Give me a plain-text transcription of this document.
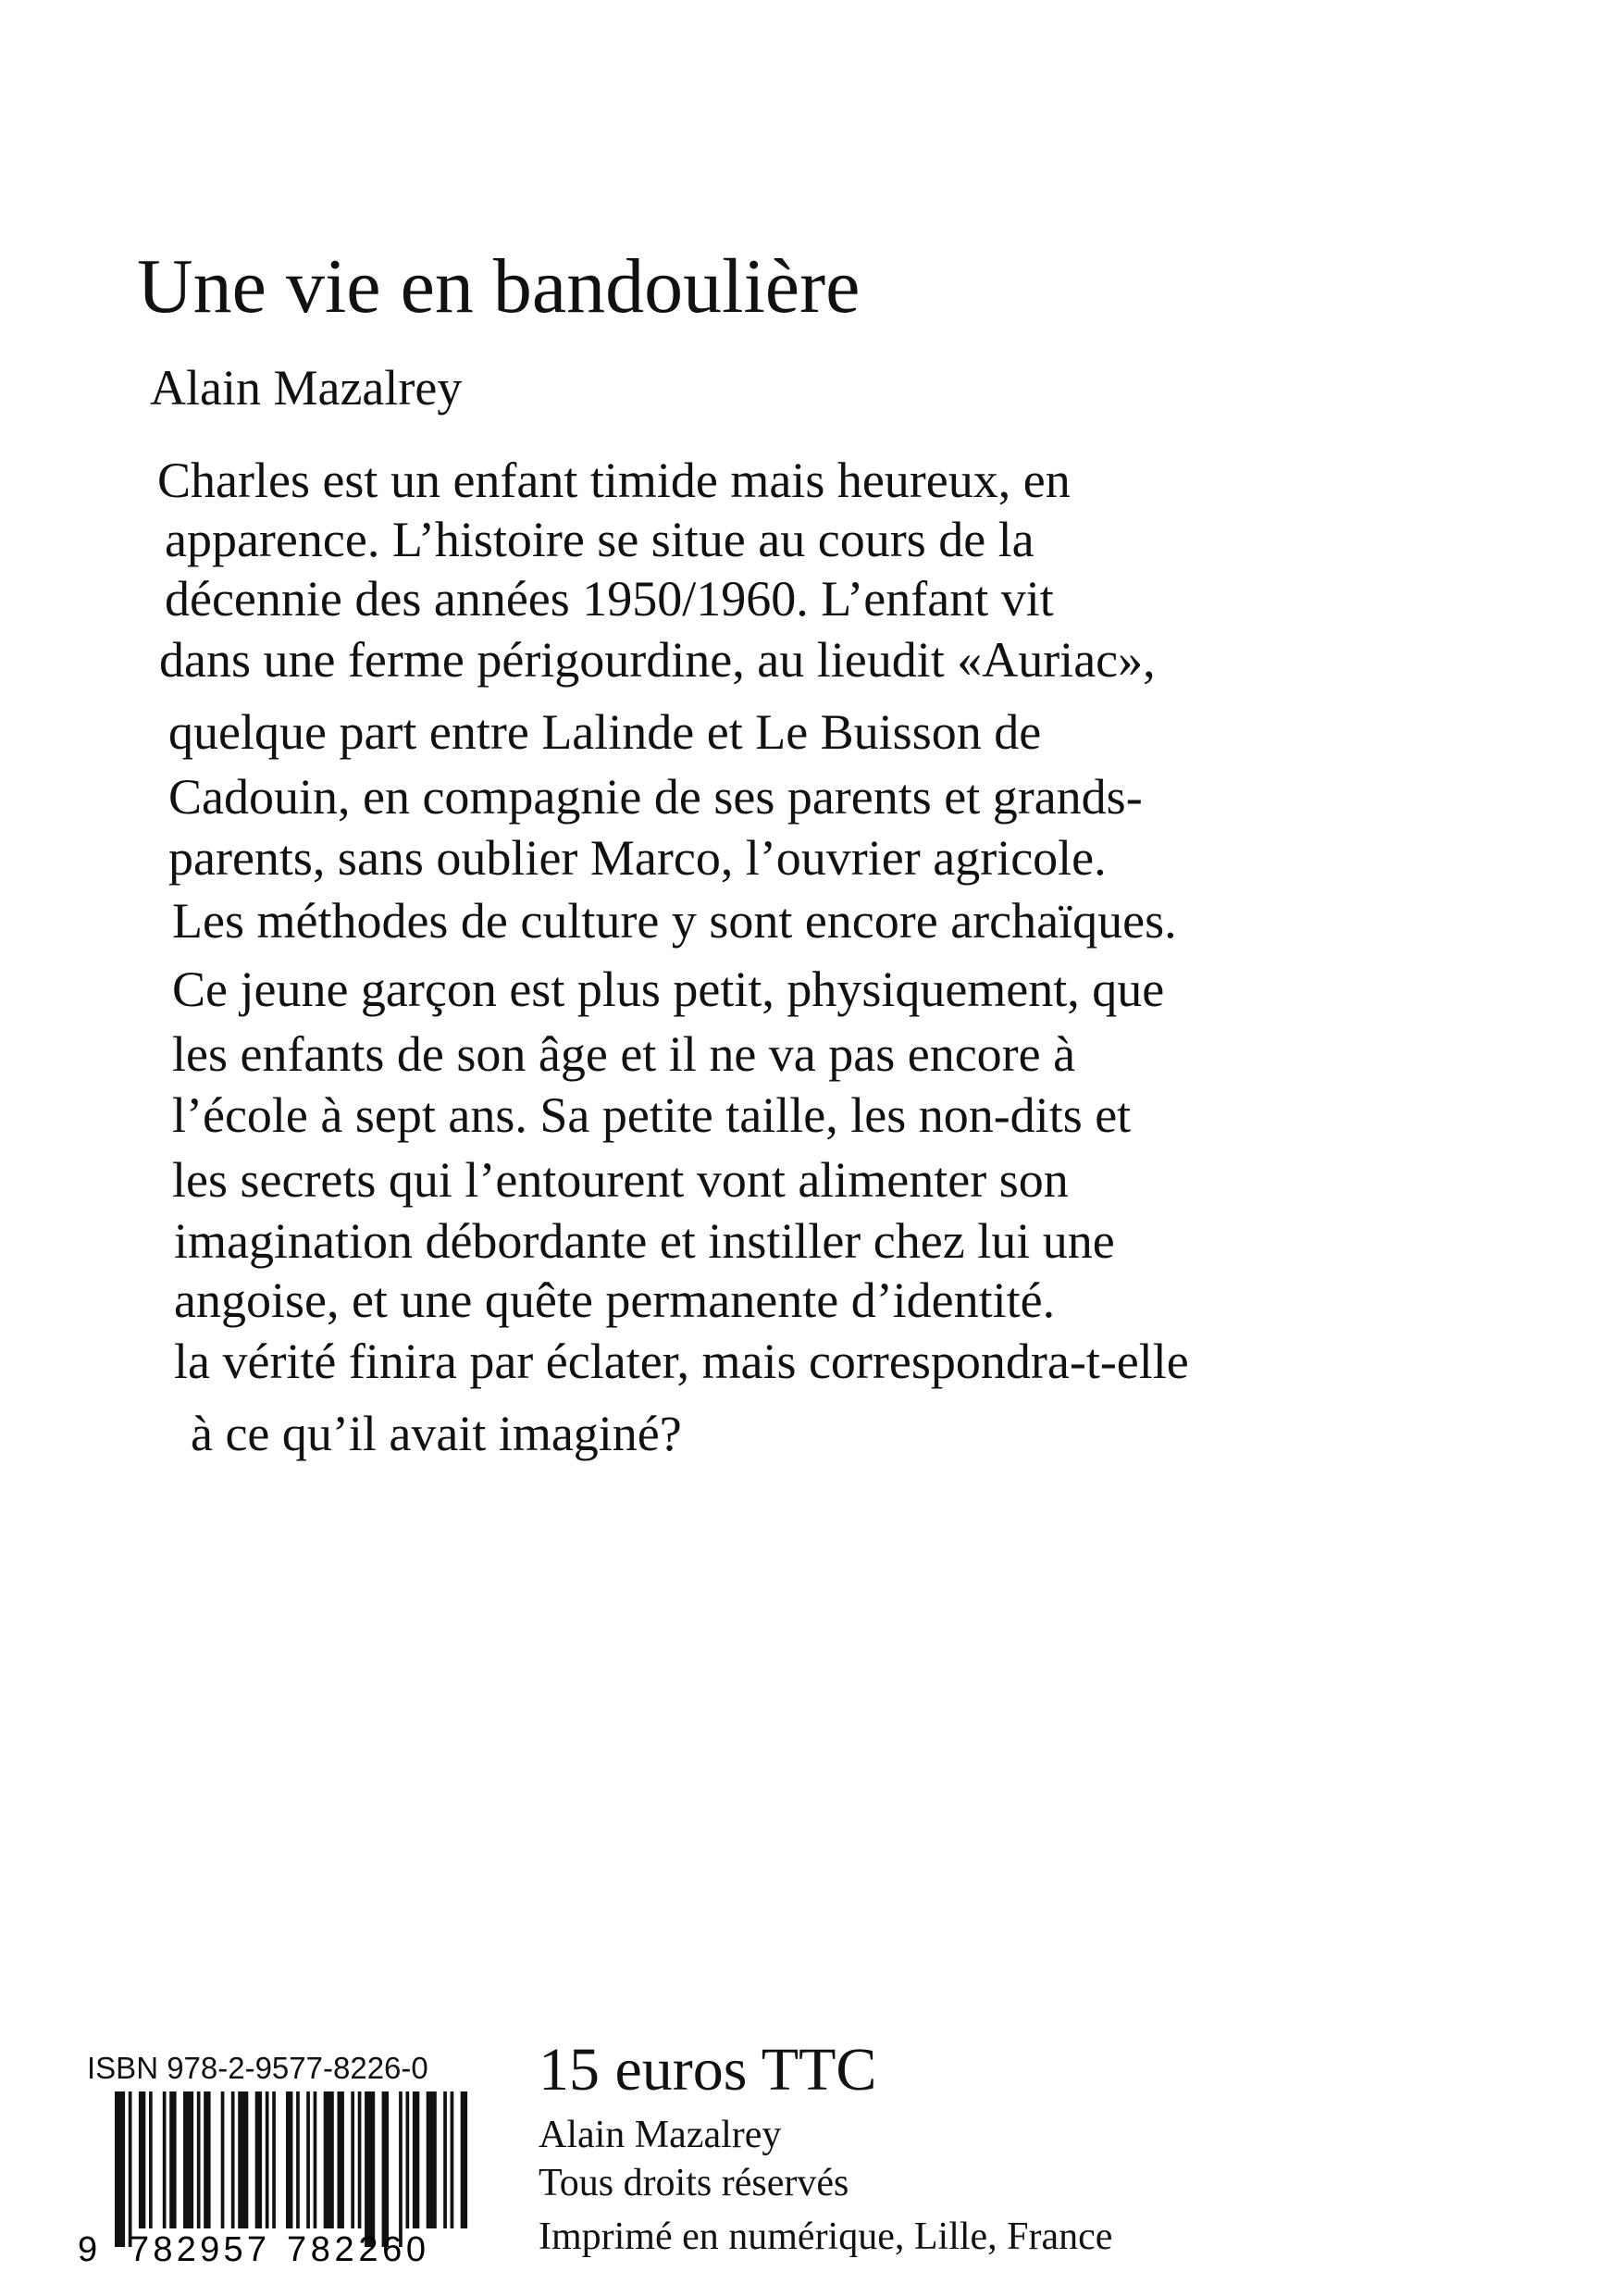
Une vie en bandoulière
Alain Mazalrey
Charles est un enfant timide mais heureux, en
apparence. L’histoire se situe au cours de la
décennie des années 1950/1960. L’enfant vit
dans une ferme périgourdine, au lieudit «Auriac»,
quelque part entre Lalinde et Le Buisson de
Cadouin, en compagnie de ses parents et grands-
parents, sans oublier Marco, l’ouvrier agricole.
Les méthodes de culture y sont encore archaïques.
Ce jeune garçon est plus petit, physiquement, que
les enfants de son âge et il ne va pas encore à
l’école à sept ans. Sa petite taille, les non-dits et
les secrets qui l’entourent vont alimenter son
imagination débordante et instiller chez lui une
angoise, et une quête permanente d’identité.
la vérité finira par éclater, mais correspondra-t-elle
à ce qu’il avait imaginé?
ISBN 978-2-9577-8226-0
9 782957 782260
15 euros TTC
Alain Mazalrey
Tous droits réservés
Imprimé en numérique, Lille, France
